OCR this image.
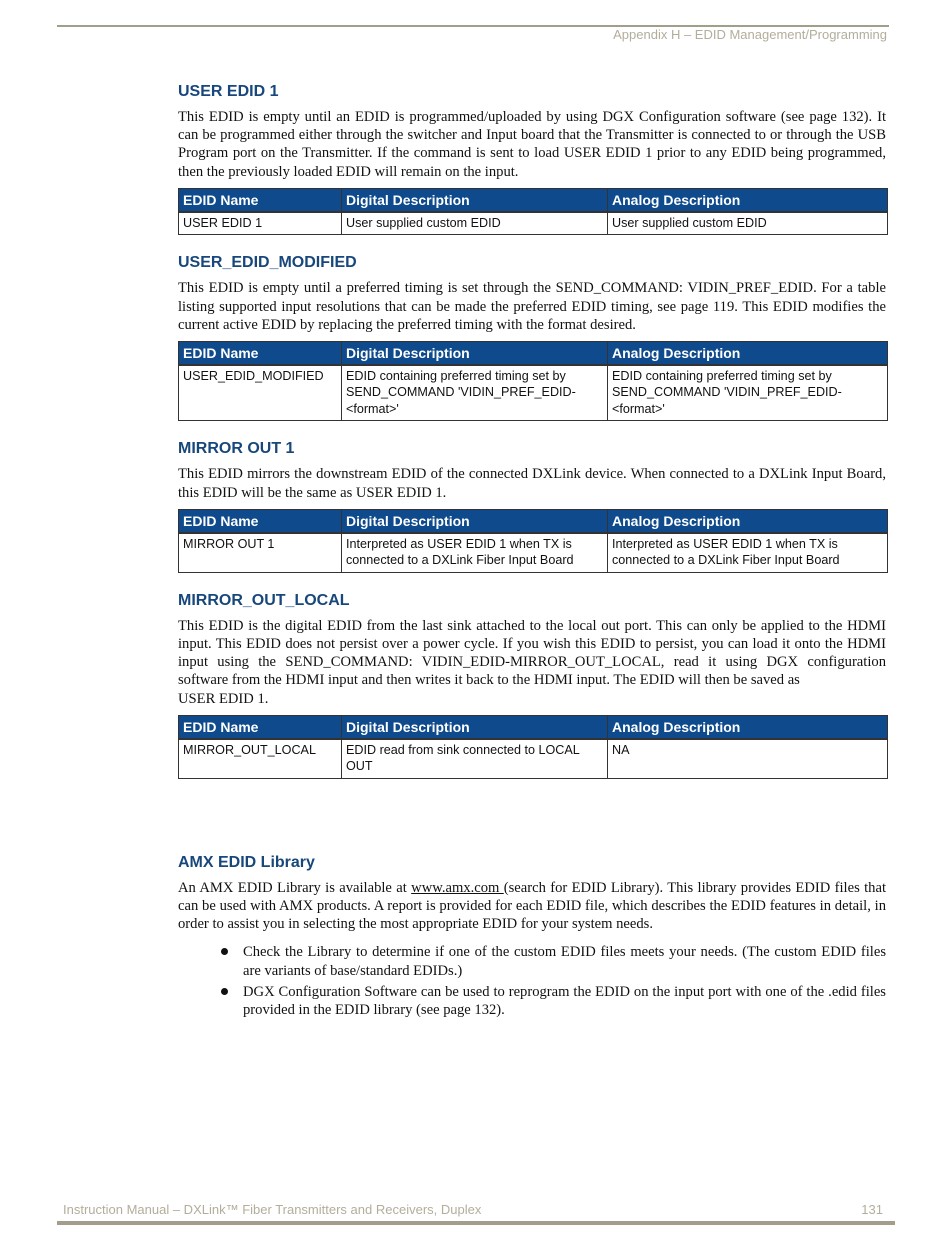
Appendix H – EDID Management/Programming
USER EDID 1

This EDID is empty until an EDID is programmed/uploaded by using DGX Configuration software (see page 132). It can be programmed either through the switcher and Input board that the Transmitter is connected to or through the USB Program port on the Transmitter. If the command is sent to load USER EDID 1 prior to any EDID being programmed, then the previously loaded EDID will remain on the input.

EDID Name	Digital Description	Analog Description
USER EDID 1	User supplied custom EDID	User supplied custom EDID
USER_EDID_MODIFIED

This EDID is empty until a preferred timing is set through the SEND_COMMAND: VIDIN_PREF_EDID. For a table listing supported input resolutions that can be made the preferred EDID timing, see page 119. This EDID modifies the current active EDID by replacing the preferred timing with the format desired.

EDID Name	Digital Description	Analog Description
USER_EDID_MODIFIED	EDID containing preferred timing set by SEND_COMMAND 'VIDIN_PREF_EDID-<format>'	EDID containing preferred timing set by SEND_COMMAND 'VIDIN_PREF_EDID-<format>'
MIRROR OUT 1

This EDID mirrors the downstream EDID of the connected DXLink device. When connected to a DXLink Input Board, this EDID will be the same as USER EDID 1.

EDID Name	Digital Description	Analog Description
MIRROR OUT 1	Interpreted as USER EDID 1 when TX is connected to a DXLink Fiber Input Board	Interpreted as USER EDID 1 when TX is connected to a DXLink Fiber Input Board
MIRROR_OUT_LOCAL

This EDID is the digital EDID from the last sink attached to the local out port. This can only be applied to the HDMI input. This EDID does not persist over a power cycle. If you wish this EDID to persist, you can load it onto the HDMI input using the SEND_COMMAND: VIDIN_EDID-MIRROR_OUT_LOCAL, read it using DGX configuration software from the HDMI input and then writes it back to the HDMI input. The EDID will then be saved as

USER EDID 1.

EDID Name	Digital Description	Analog Description
MIRROR_OUT_LOCAL	EDID read from sink connected to LOCAL OUT	NA
AMX EDID Library

An AMX EDID Library is available at www.amx.com (search for EDID Library). This library provides EDID files that can be used with AMX products. A report is provided for each EDID file, which describes the EDID features in detail, in order to assist you in selecting the most appropriate EDID for your system needs.

Check the Library to determine if one of the custom EDID files meets your needs. (The custom EDID files are variants of base/standard EDIDs.)
DGX Configuration Software can be used to reprogram the EDID on the input port with one of the .edid files provided in the EDID library (see page 132).
Instruction Manual – DXLink™ Fiber Transmitters and Receivers, Duplex	131
